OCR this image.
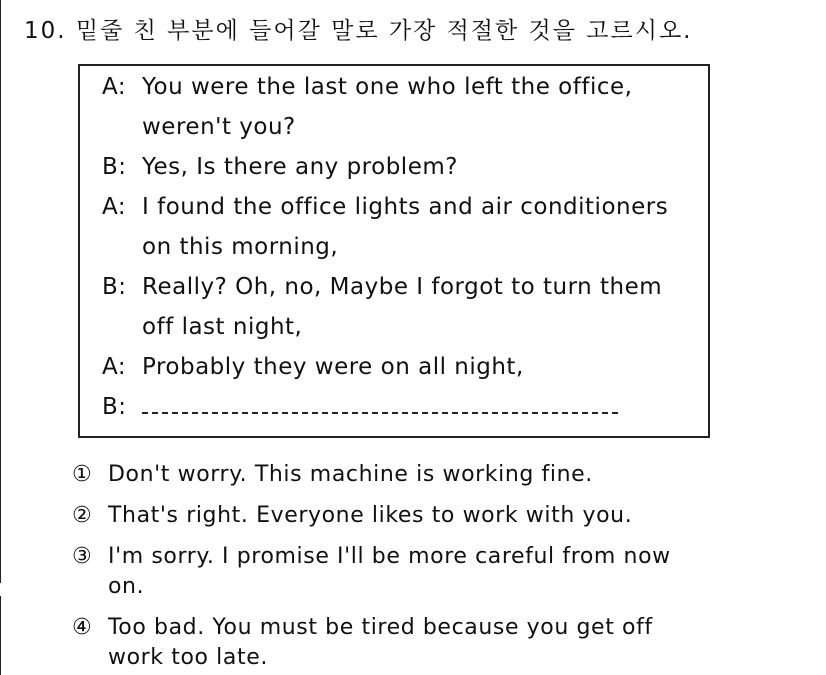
10. 밑줄 친 부분에 들어갈 말로 가장 적절한 것을 고르시오.
A: You were the last one who left the office,
weren't you?
B: Yes, Is there any problem?
A: I found the office lights and air conditioners
on this morning,
B: Really? Oh, no, Maybe I forgot to turn them
off last night,
A: Probably they were on all night,
B:
① Don't worry. This machine is working fine.
② That's right. Everyone likes to work with you.
③ I'm sorry. I promise I'll be more careful from now
on.
④ Too bad. You must be tired because you get off
work too late.
